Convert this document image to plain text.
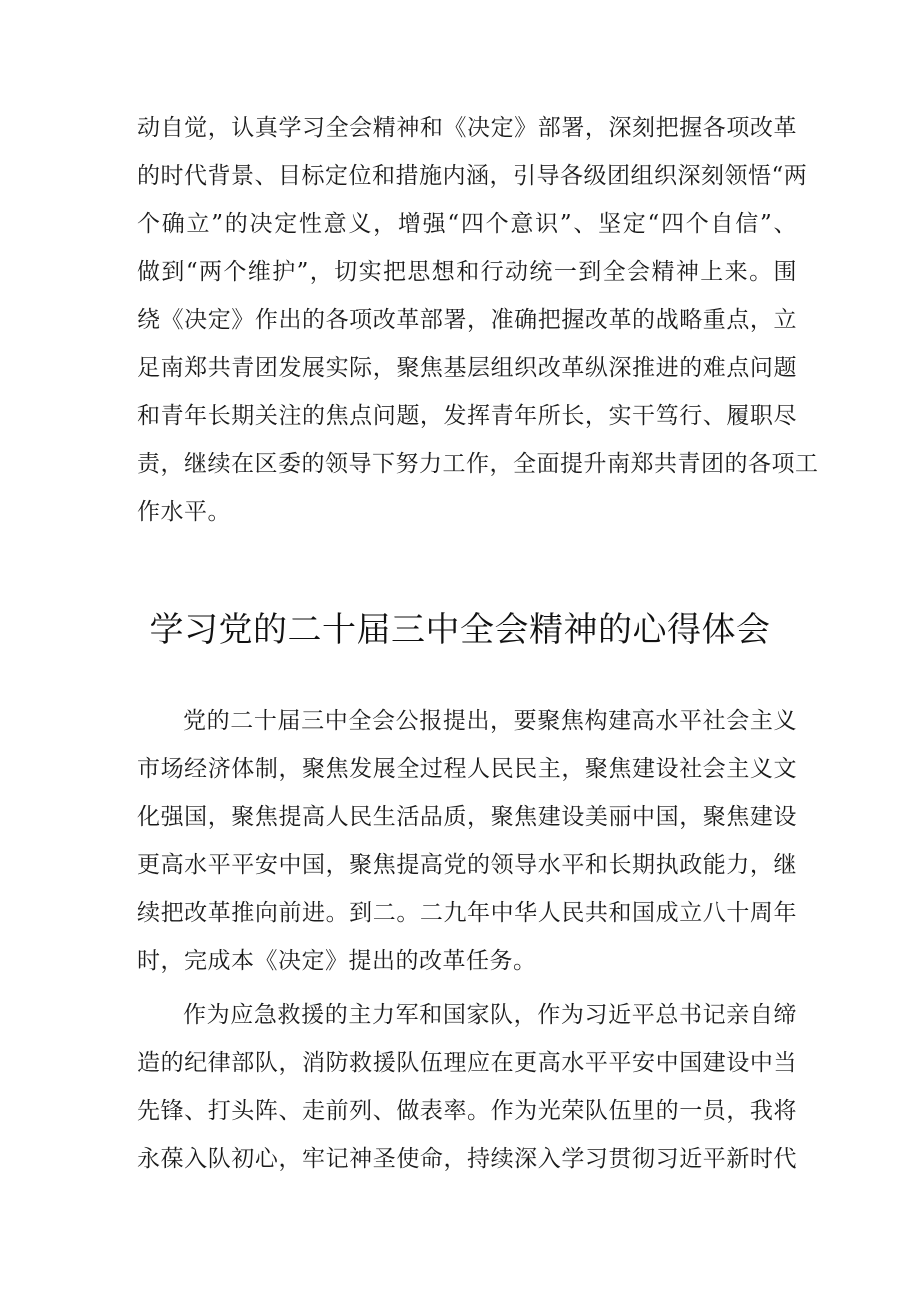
动自觉，认真学习全会精神和《决定》部署，深刻把握各项改革
的时代背景、目标定位和措施内涵，引导各级团组织深刻领悟“两
个确立”的决定性意义，增强“四个意识”、坚定“四个自信”、
做到“两个维护”，切实把思想和行动统一到全会精神上来。围
绕《决定》作出的各项改革部署，准确把握改革的战略重点，立
足南郑共青团发展实际，聚焦基层组织改革纵深推进的难点问题
和青年长期关注的焦点问题，发挥青年所长，实干笃行、履职尽
责，继续在区委的领导下努力工作，全面提升南郑共青团的各项工
作水平。
学习党的二十届三中全会精神的心得体会
党的二十届三中全会公报提出，要聚焦构建高水平社会主义
市场经济体制，聚焦发展全过程人民民主，聚焦建设社会主义文
化强国，聚焦提高人民生活品质，聚焦建设美丽中国，聚焦建设
更高水平平安中国，聚焦提高党的领导水平和长期执政能力，继
续把改革推向前进。到二。二九年中华人民共和国成立八十周年
时，完成本《决定》提出的改革任务。
作为应急救援的主力军和国家队，作为习近平总书记亲自缔
造的纪律部队，消防救援队伍理应在更高水平平安中国建设中当
先锋、打头阵、走前列、做表率。作为光荣队伍里的一员，我将
永葆入队初心，牢记神圣使命，持续深入学习贯彻习近平新时代
